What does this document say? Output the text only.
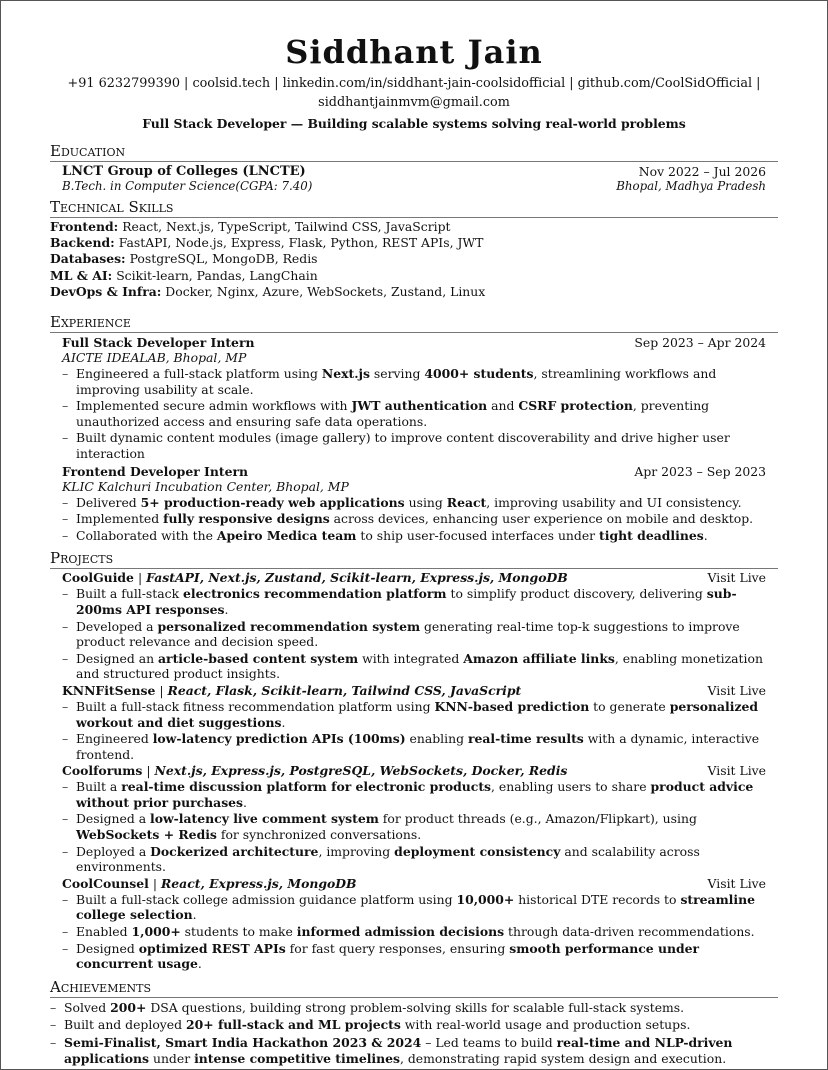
Siddhant Jain
+91 6232799390 | coolsid.tech | linkedin.com/in/siddhant-jain-coolsidofficial | github.com/CoolSidOfficial | siddhantjainmvm@gmail.com
Full Stack Developer — Building scalable systems solving real-world problems
Education
LNCT Group of Colleges (LNCTE)	Nov 2022 – Jul 2026
B.Tech. in Computer Science(CGPA: 7.40)	Bhopal, Madhya Pradesh
Technical Skills
Frontend: React, Next.js, TypeScript, Tailwind CSS, JavaScript
Backend: FastAPI, Node.js, Express, Flask, Python, REST APIs, JWT
Databases: PostgreSQL, MongoDB, Redis
ML & AI: Scikit-learn, Pandas, LangChain
DevOps & Infra: Docker, Nginx, Azure, WebSockets, Zustand, Linux
Experience
Full Stack Developer Intern	Sep 2023 – Apr 2024
AICTE IDEALAB, Bhopal, MP
– Engineered a full-stack platform using Next.js serving 4000+ students, streamlining workflows and improving usability at scale.
– Implemented secure admin workflows with JWT authentication and CSRF protection, preventing unauthorized access and ensuring safe data operations.
– Built dynamic content modules (image gallery) to improve content discoverability and drive higher user interaction
Frontend Developer Intern	Apr 2023 – Sep 2023
KLIC Kalchuri Incubation Center, Bhopal, MP
– Delivered 5+ production-ready web applications using React, improving usability and UI consistency.
– Implemented fully responsive designs across devices, enhancing user experience on mobile and desktop.
– Collaborated with the Apeiro Medica team to ship user-focused interfaces under tight deadlines.
Projects
CoolGuide | FastAPI, Next.js, Zustand, Scikit-learn, Express.js, MongoDB	Visit Live
– Built a full-stack electronics recommendation platform to simplify product discovery, delivering sub-200ms API responses.
– Developed a personalized recommendation system generating real-time top-k suggestions to improve product relevance and decision speed.
– Designed an article-based content system with integrated Amazon affiliate links, enabling monetization and structured product insights.
KNNFitSense | React, Flask, Scikit-learn, Tailwind CSS, JavaScript	Visit Live
– Built a full-stack fitness recommendation platform using KNN-based prediction to generate personalized workout and diet suggestions.
– Engineered low-latency prediction APIs (100ms) enabling real-time results with a dynamic, interactive frontend.
Coolforums | Next.js, Express.js, PostgreSQL, WebSockets, Docker, Redis	Visit Live
– Built a real-time discussion platform for electronic products, enabling users to share product advice without prior purchases.
– Designed a low-latency live comment system for product threads (e.g., Amazon/Flipkart), using WebSockets + Redis for synchronized conversations.
– Deployed a Dockerized architecture, improving deployment consistency and scalability across environments.
CoolCounsel | React, Express.js, MongoDB	Visit Live
– Built a full-stack college admission guidance platform using 10,000+ historical DTE records to streamline college selection.
– Enabled 1,000+ students to make informed admission decisions through data-driven recommendations.
– Designed optimized REST APIs for fast query responses, ensuring smooth performance under concurrent usage.
Achievements
– Solved 200+ DSA questions, building strong problem-solving skills for scalable full-stack systems.
– Built and deployed 20+ full-stack and ML projects with real-world usage and production setups.
– Semi-Finalist, Smart India Hackathon 2023 & 2024 – Led teams to build real-time and NLP-driven applications under intense competitive timelines, demonstrating rapid system design and execution.
